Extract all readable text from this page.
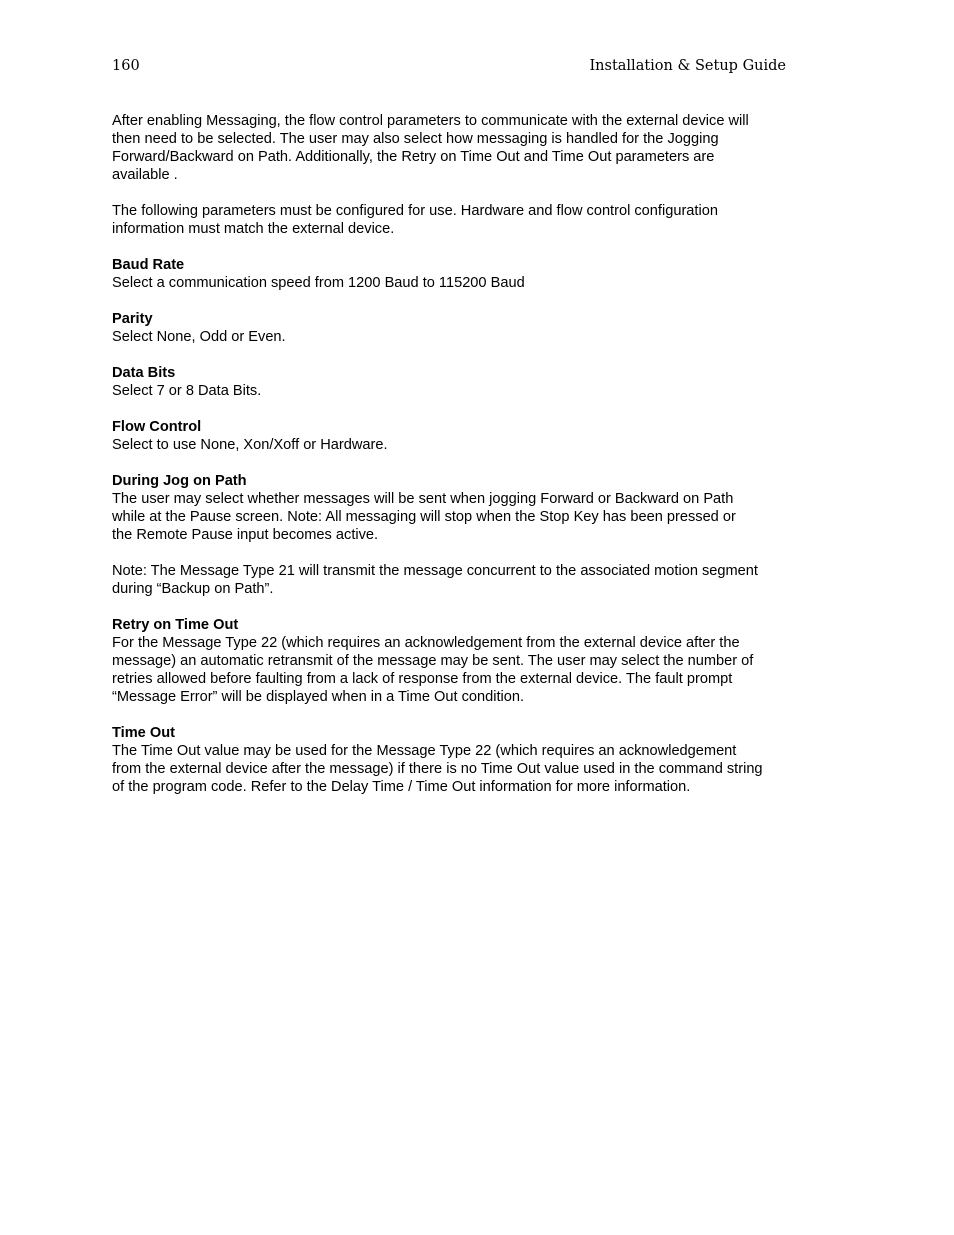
160	Installation & Setup Guide

After enabling Messaging, the flow control parameters to communicate with the external device will
then need to be selected. The user may also select how messaging is handled for the Jogging
Forward/Backward on Path. Additionally, the Retry on Time Out and Time Out parameters are
available .

The following parameters must be configured for use. Hardware and flow control configuration
information must match the external device.

Baud Rate
Select a communication speed from 1200 Baud to 115200 Baud

Parity
Select None, Odd or Even.

Data Bits
Select 7 or 8 Data Bits.

Flow Control
Select to use None, Xon/Xoff or Hardware.

During Jog on Path
The user may select whether messages will be sent when jogging Forward or Backward on Path
while at the Pause screen. Note: All messaging will stop when the Stop Key has been pressed or
the Remote Pause input becomes active.

Note: The Message Type 21 will transmit the message concurrent to the associated motion segment
during “Backup on Path”.

Retry on Time Out
For the Message Type 22 (which requires an acknowledgement from the external device after the
message) an automatic retransmit of the message may be sent. The user may select the number of
retries allowed before faulting from a lack of response from the external device. The fault prompt
“Message Error” will be displayed when in a Time Out condition.

Time Out
The Time Out value may be used for the Message Type 22 (which requires an acknowledgement
from the external device after the message) if there is no Time Out value used in the command string
of the program code. Refer to the Delay Time / Time Out information for more information.
